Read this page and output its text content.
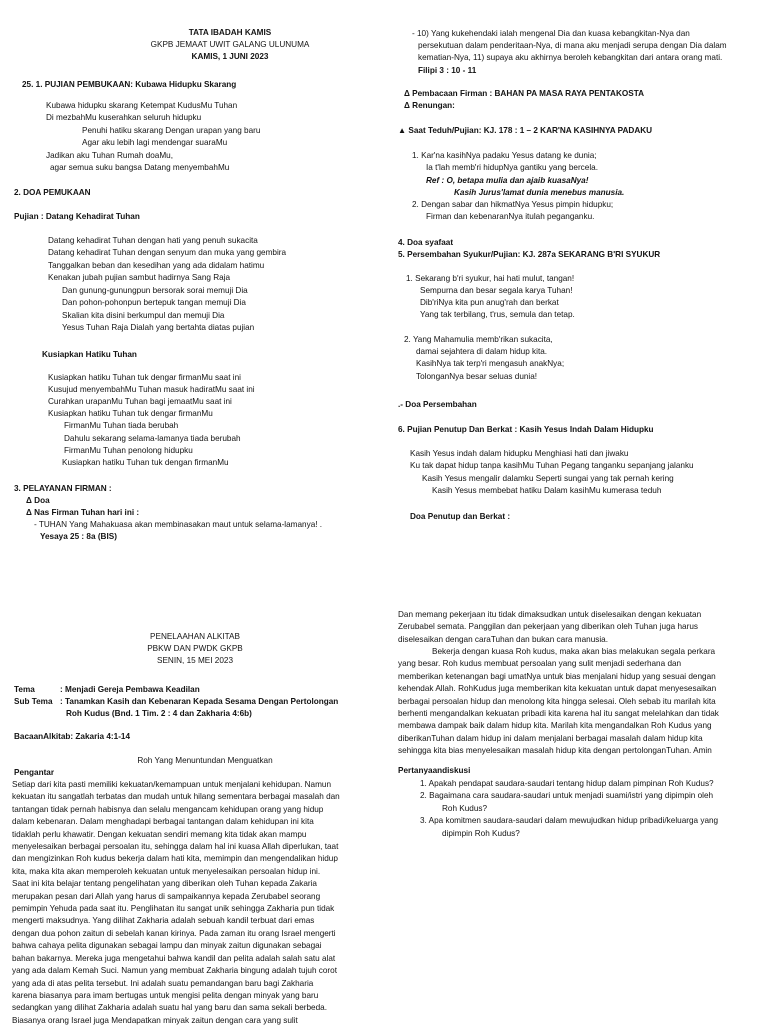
TATA IBADAH KAMIS
GKPB JEMAAT UWIT GALANG ULUNUMA
KAMIS, 1 JUNI 2023
25. 1. PUJIAN PEMBUKAAN: Kubawa Hidupku Skarang
Kubawa hidupku skarang Ketempat KudusMu Tuhan
Di mezbahMu kuserahkan seluruh hidupku
Penuhi hatiku skarang Dengan urapan yang baru
Agar aku lebih lagi mendengar suaraMu
Jadikan aku Tuhan Rumah doaMu,
agar semua suku bangsa Datang menyembahMu
2. DOA PEMUKAAN
Pujian : Datang Kehadirat Tuhan
Datang kehadirat Tuhan dengan hati yang penuh sukacita
Datang kehadirat Tuhan dengan senyum dan muka yang gembira
Tanggalkan beban dan kesedihan yang ada didalam hatimu
Kenakan jubah pujian sambut hadirnya Sang Raja
Dan gunung-gunungpun bersorak sorai memuji Dia
Dan pohon-pohonpun bertepuk tangan memuji Dia
Skalian kita disini berkumpul dan memuji Dia
Yesus Tuhan Raja Dialah yang bertahta diatas pujian
Kusiapkan Hatiku Tuhan
Kusiapkan hatiku Tuhan tuk dengar firmanMu saat ini
Kusujud menyembahMu Tuhan masuk hadiratMu saat ini
Curahkan urapanMu Tuhan bagi jemaatMu saat ini
Kusiapkan hatiku Tuhan tuk dengar firmanMu
FirmanMu Tuhan tiada berubah
Dahulu sekarang selama-lamanya tiada berubah
FirmanMu Tuhan penolong hidupku
Kusiapkan hatiku Tuhan tuk dengan firmanMu
3. PELAYANAN FIRMAN :
Δ Doa
Δ Nas Firman Tuhan hari ini :
- TUHAN Yang Mahakuasa akan membinasakan maut untuk selama-lamanya! .
Yesaya 25 : 8a (BIS)
- 10) Yang kukehendaki ialah mengenal Dia dan kuasa kebangkitan-Nya dan
persekutuan dalam penderitaan-Nya, di mana aku menjadi serupa dengan Dia dalam
kematian-Nya, 11) supaya aku akhirnya beroleh kebangkitan dari antara orang mati.
Filipi 3 : 10 - 11
Δ Pembacaan Firman : BAHAN PA MASA RAYA PENTAKOSTA
Δ Renungan:
▲ Saat Teduh/Pujian: KJ. 178 : 1 – 2 KAR'NA KASIHNYA PADAKU
1. Kar'na kasihNya padaku Yesus datang ke dunia;
Ia t'lah memb'ri hidupNya gantiku yang bercela.
Ref : O, betapa mulia dan ajaib kuasaNya!
Kasih Jurus'lamat dunia menebus manusia.
2. Dengan sabar dan hikmatNya Yesus pimpin hidupku;
Firman dan kebenaranNya itulah peganganku.
4. Doa syafaat
5. Persembahan Syukur/Pujian: KJ. 287a SEKARANG B'RI SYUKUR
1. Sekarang b'ri syukur, hai hati mulut, tangan!
Sempurna dan besar segala karya Tuhan!
Dib'riNya kita pun anug'rah dan berkat
Yang tak terbilang, t'rus, semula dan tetap.
2. Yang Mahamulia memb'rikan sukacita,
damai sejahtera di dalam hidup kita.
KasihNya tak terp'ri mengasuh anakNya;
TolonganNya besar seluas dunia!
.- Doa Persembahan
6. Pujian Penutup Dan Berkat : Kasih Yesus Indah Dalam Hidupku
Kasih Yesus indah dalam hidupku Menghiasi hati dan jiwaku
Ku tak dapat hidup tanpa kasihMu Tuhan Pegang tanganku sepanjang jalanku
Kasih Yesus mengalir dalamku Seperti sungai yang tak pernah kering
Kasih Yesus membebat hatiku Dalam kasihMu kumerasa teduh
Doa Penutup dan Berkat :
PENELAAHAN ALKITAB
PBKW DAN PWDK GKPB
SENIN, 15 MEI 2023
Tema	: Menjadi Gereja Pembawa Keadilan
Sub Tema : Tanamkan Kasih dan Kebenaran Kepada Sesama Dengan Pertolongan
Roh Kudus (Bnd. 1 Tim. 2 : 4 dan Zakharia 4:6b)
BacaanAlkitab: Zakaria 4:1-14
Roh Yang Menuntundan Menguatkan
Pengantar
Setiap dari kita pasti memiliki kekuatan/kemampuan untuk menjalani kehidupan. Namun
kekuatan itu sangatlah terbatas dan mudah untuk hilang sementara berbagai masalah dan
tantangan tidak pernah habisnya dan selalu mengancam kehidupan orang yang hidup
dalam kebenaran. Dalam menghadapi berbagai tantangan dalam kehidupan ini kita
tidaklah perlu khawatir. Dengan kekuatan sendiri memang kita tidak akan mampu
menyelesaikan berbagai persoalan itu, sehingga dalam hal ini kuasa Allah diperlukan, taat
dan mengizinkan Roh kudus bekerja dalam hati kita, memimpin dan mengendalikan hidup
kita, maka kita akan memperoleh kekuatan untuk menyelesaikan persoalan hidup ini.
Saat ini kita belajar tentang pengelihatan yang diberikan oleh Tuhan kepada Zakaria
merupakan pesan dari Allah yang harus di sampaikannya kepada Zerubabel seorang
pemimpin Yehuda pada saat itu. Penglihatan itu sangat unik sehingga Zakharia pun tidak
mengerti maksudnya. Yang dilihat Zakharia adalah sebuah kandil terbuat dari emas
dengan dua pohon zaitun di sebelah kanan kirinya. Pada zaman itu orang Israel mengerti
bahwa cahaya pelita digunakan sebagai lampu dan minyak zaitun digunakan sebagai
bahan bakarnya. Mereka juga mengetahui bahwa kandil dan pelita adalah salah satu alat
yang ada dalam Kemah Suci. Namun yang membuat Zakharia bingung adalah tujuh corot
yang ada di atas pelita tersebut. Ini adalah suatu pemandangan baru bagi Zakharia
karena biasanya para imam bertugas untuk mengisi pelita dengan minyak yang baru
sedangkan yang dilihat Zakharia adalah suatu hal yang baru dan sama sekali berbeda.
Biasanya orang Israel juga Mendapatkan minyak zaitun dengan cara yang sulit
Dan memang pekerjaan itu tidak dimaksudkan untuk diselesaikan dengan kekuatan
Zerubabel semata. Panggilan dan pekerjaan yang diberikan oleh Tuhan juga harus
diselesaikan dengan caraTuhan dan bukan cara manusia.
Bekerja dengan kuasa Roh kudus, maka akan bias melakukan segala perkara
yang besar. Roh kudus membuat persoalan yang sulit menjadi sederhana dan
memberikan ketenangan bagi umatNya untuk bias menjalani hidup yang sesuai dengan
kehendak Allah. RohKudus juga memberikan kita kekuatan untuk dapat menyesesaikan
berbagai persoalan hidup dan menolong kita hingga selesai. Oleh sebab itu marilah kita
berhenti mengandalkan kekuatan pribadi kita karena hal itu sangat melelahkan dan tidak
membawa dampak baik dalam hidup kita. Marilah kita mengandalkan Roh Kudus yang
diberikanTuhan dalam hidup ini dalam menjalani berbagai masalah dalam hidup kita
sehingga kita bias menyelesaikan masalah hidup kita dengan pertolonganTuhan. Amin
Pertanyaandiskusi
1. Apakah pendapat saudara-saudari tentang hidup dalam pimpinan Roh Kudus?
2. Bagaimana cara saudara-saudari untuk menjadi suami/istri yang dipimpin oleh
Roh Kudus?
3. Apa komitmen saudara-saudari dalam mewujudkan hidup pribadi/keluarga yang
dipimpin Roh Kudus?
